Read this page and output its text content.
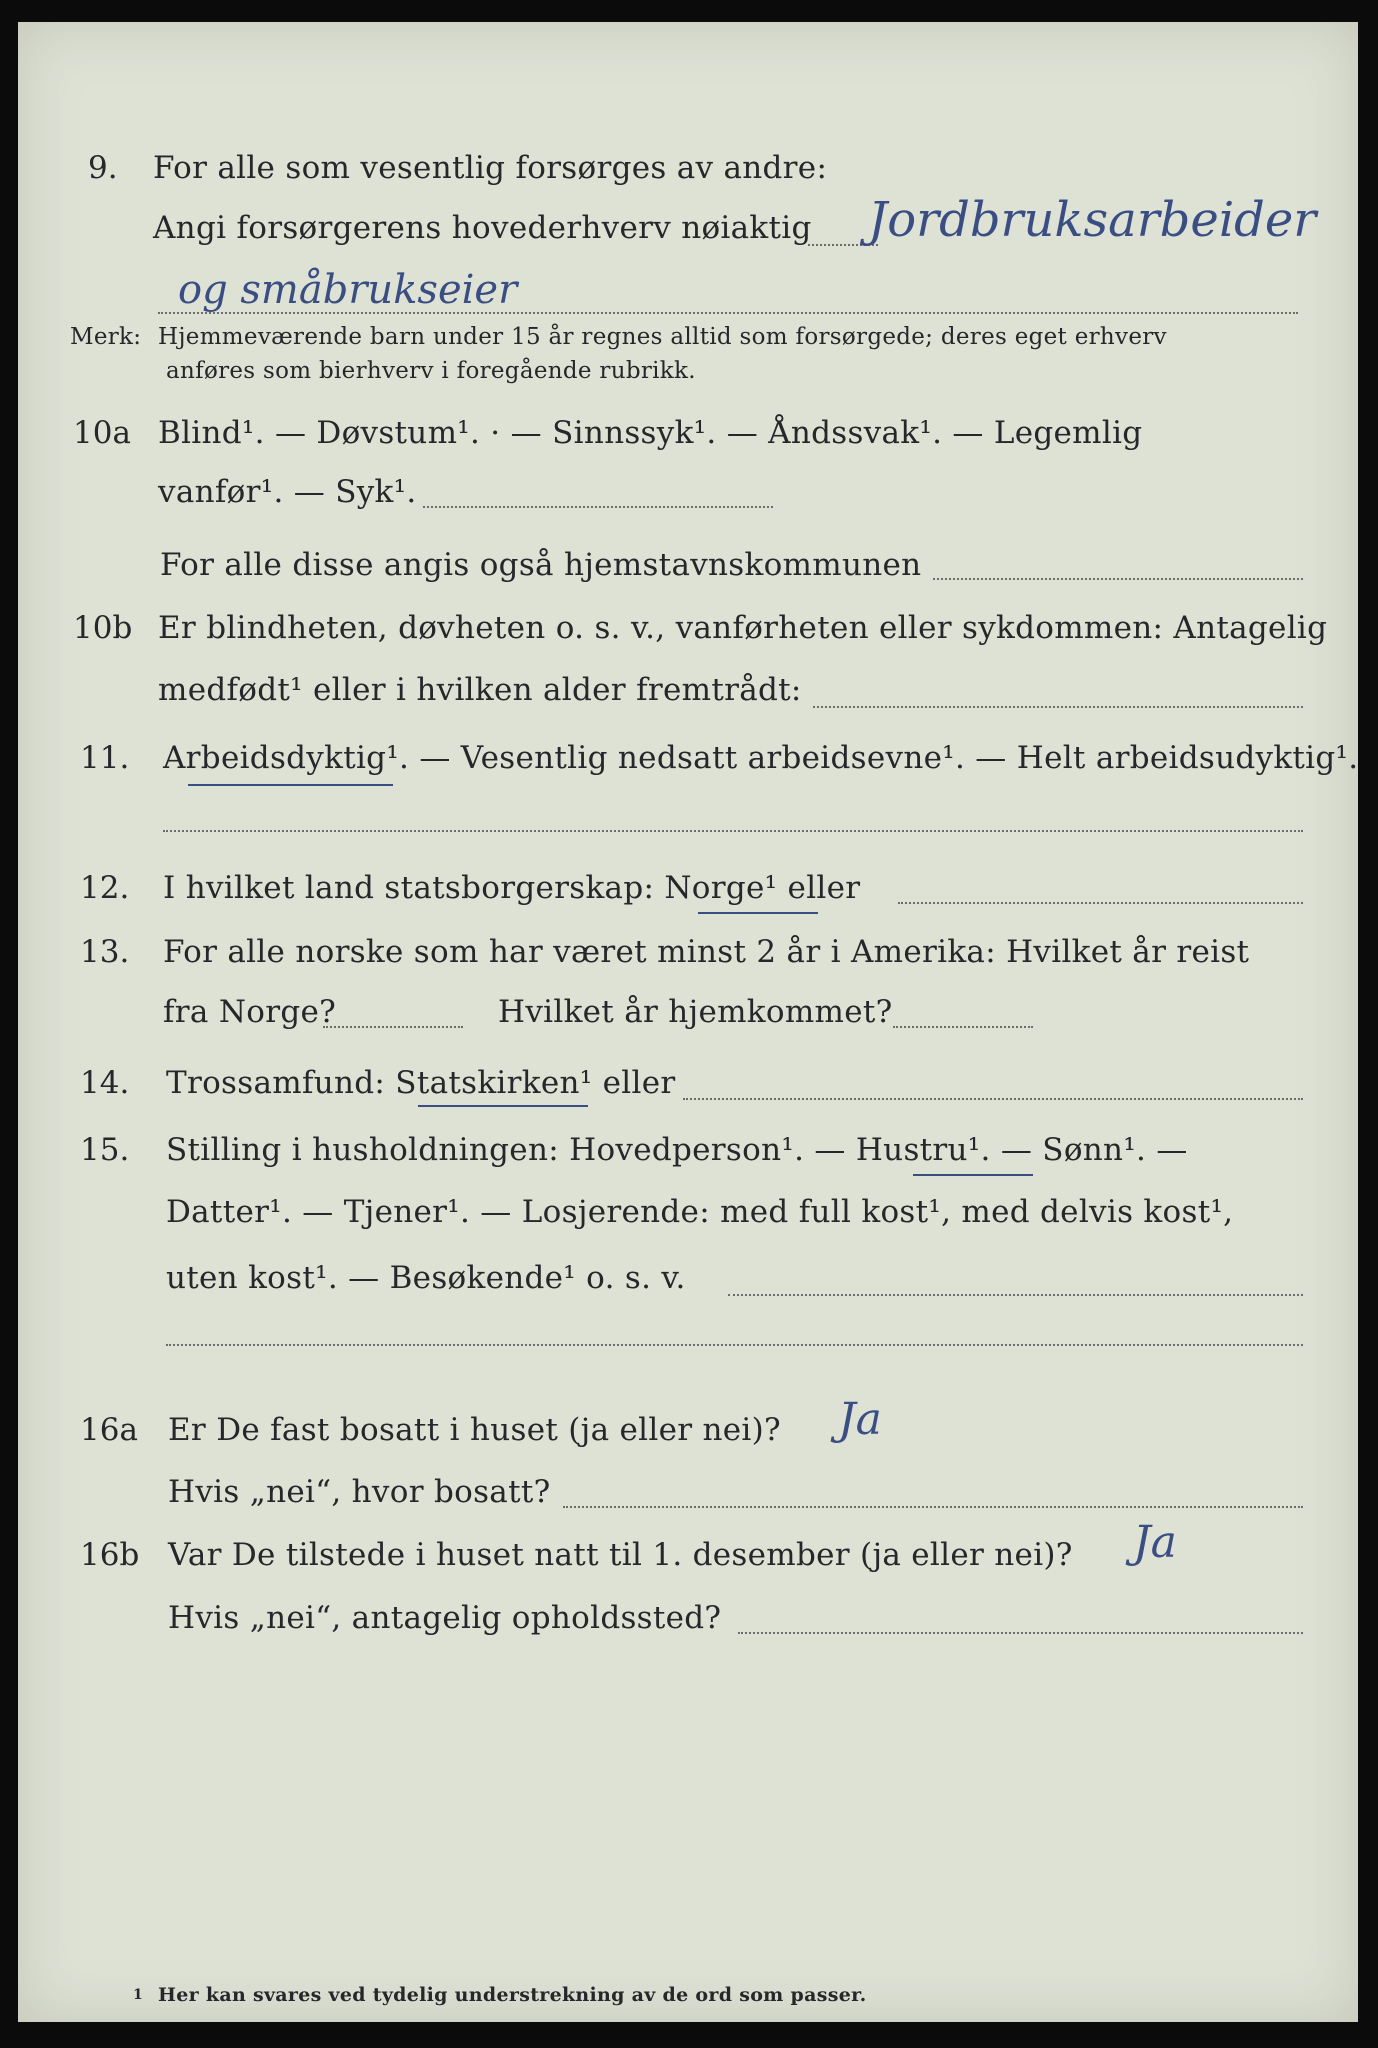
9. For alle som vesentlig forsørges av andre:
Angi forsørgerens hovederhverv nøiaktig Jordbruksarbeider
og småbrukseier
Merk: Hjemmeværende barn under 15 år regnes alltid som forsørgede; deres eget erhverv
anføres som bierhverv i foregående rubrikk.
10a Blind¹. — Døvstum¹. · — Sinnssyk¹. — Åndssvak¹. — Legemlig
vanfør¹. — Syk¹.
For alle disse angis også hjemstavnskommunen
10b Er blindheten, døvheten o. s. v., vanførheten eller sykdommen: Antagelig
medfødt¹ eller i hvilken alder fremtrådt:
11. Arbeidsdyktig¹. — Vesentlig nedsatt arbeidsevne¹. — Helt arbeidsudyktig¹.
12. I hvilket land statsborgerskap: Norge¹ eller
13. For alle norske som har været minst 2 år i Amerika: Hvilket år reist
fra Norge?	Hvilket år hjemkommet?
14. Trossamfund: Statskirken¹ eller
15. Stilling i husholdningen: Hovedperson¹. — Hustru¹. — Sønn¹. —
Datter¹. — Tjener¹. — Losjerende: med full kost¹, med delvis kost¹,
uten kost¹. — Besøkende¹ o. s. v.
16a Er De fast bosatt i huset (ja eller nei)? Ja
Hvis „nei“, hvor bosatt?
16b Var De tilstede i huset natt til 1. desember (ja eller nei)? Ja
Hvis „nei“, antagelig opholdssted?
1 Her kan svares ved tydelig understrekning av de ord som passer.
